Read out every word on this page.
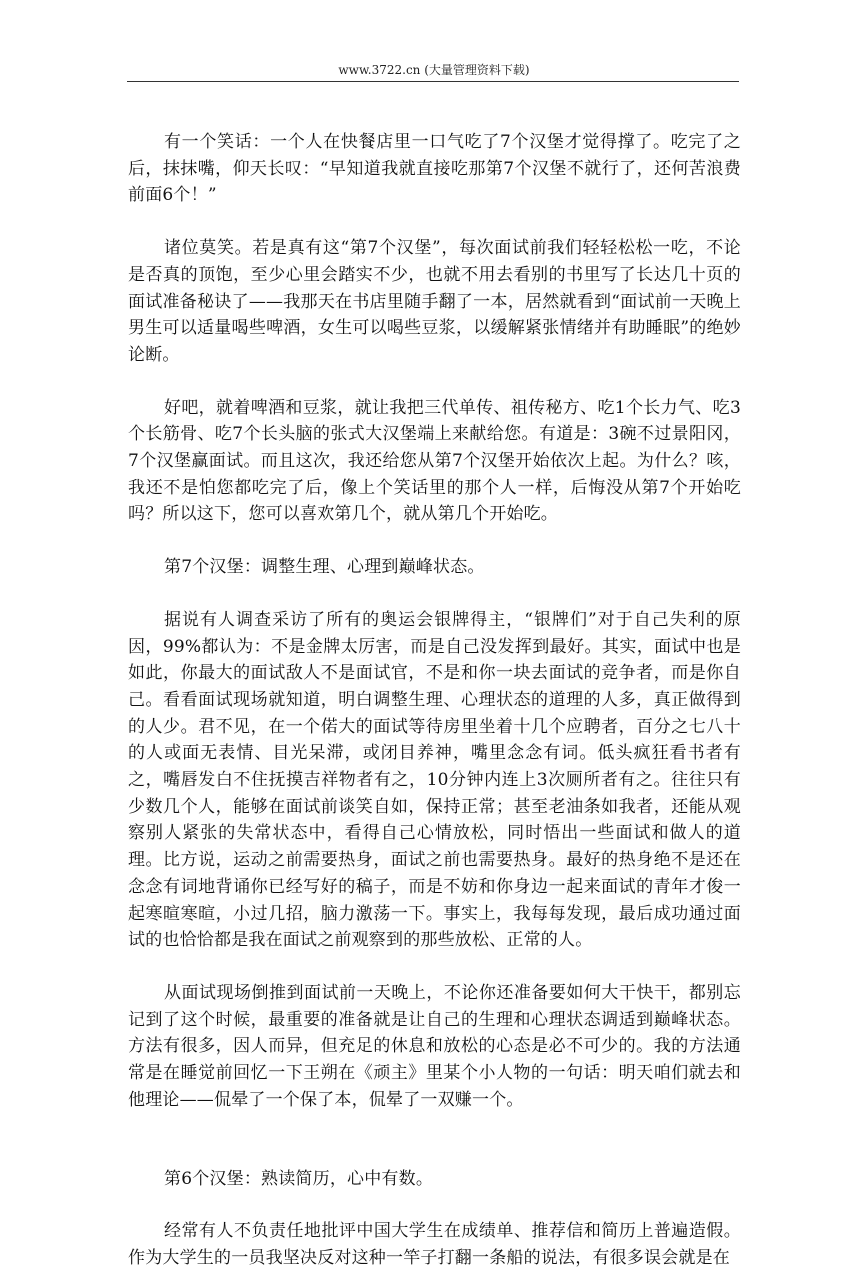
www.3722.cn (大量管理资料下载)

有一个笑话：一个人在快餐店里一口气吃了7个汉堡才觉得撑了。吃完了之后，抹抹嘴，仰天长叹：“早知道我就直接吃那第7个汉堡不就行了，还何苦浪费前面6个！”

诸位莫笑。若是真有这“第7个汉堡”，每次面试前我们轻轻松松一吃，不论是否真的顶饱，至少心里会踏实不少，也就不用去看别的书里写了长达几十页的面试准备秘诀了——我那天在书店里随手翻了一本，居然就看到“面试前一天晚上男生可以适量喝些啤酒，女生可以喝些豆浆，以缓解紧张情绪并有助睡眠”的绝妙论断。

好吧，就着啤酒和豆浆，就让我把三代单传、祖传秘方、吃1个长力气、吃3个长筋骨、吃7个长头脑的张式大汉堡端上来献给您。有道是：3碗不过景阳冈，7个汉堡赢面试。而且这次，我还给您从第7个汉堡开始依次上起。为什么？咳，我还不是怕您都吃完了后，像上个笑话里的那个人一样，后悔没从第7个开始吃吗？所以这下，您可以喜欢第几个，就从第几个开始吃。

第7个汉堡：调整生理、心理到巅峰状态。

据说有人调查采访了所有的奥运会银牌得主，“银牌们”对于自己失利的原因，99%都认为：不是金牌太厉害，而是自己没发挥到最好。其实，面试中也是如此，你最大的面试敌人不是面试官，不是和你一块去面试的竞争者，而是你自己。看看面试现场就知道，明白调整生理、心理状态的道理的人多，真正做得到的人少。君不见，在一个偌大的面试等待房里坐着十几个应聘者，百分之七八十的人或面无表情、目光呆滞，或闭目养神，嘴里念念有词。低头疯狂看书者有之，嘴唇发白不住抚摸吉祥物者有之，10分钟内连上3次厕所者有之。往往只有少数几个人，能够在面试前谈笑自如，保持正常；甚至老油条如我者，还能从观察别人紧张的失常状态中，看得自己心情放松，同时悟出一些面试和做人的道理。比方说，运动之前需要热身，面试之前也需要热身。最好的热身绝不是还在念念有词地背诵你已经写好的稿子，而是不妨和你身边一起来面试的青年才俊一起寒暄寒暄，小过几招，脑力激荡一下。事实上，我每每发现，最后成功通过面试的也恰恰都是我在面试之前观察到的那些放松、正常的人。

从面试现场倒推到面试前一天晚上，不论你还准备要如何大干快干，都别忘记到了这个时候，最重要的准备就是让自己的生理和心理状态调适到巅峰状态。方法有很多，因人而异，但充足的休息和放松的心态是必不可少的。我的方法通常是在睡觉前回忆一下王朔在《顽主》里某个小人物的一句话：明天咱们就去和他理论——侃晕了一个保了本，侃晕了一双赚一个。

第6个汉堡：熟读简历，心中有数。

经常有人不负责任地批评中国大学生在成绩单、推荐信和简历上普遍造假。作为大学生的一员我坚决反对这种一竿子打翻一条船的说法，有很多误会就是在
